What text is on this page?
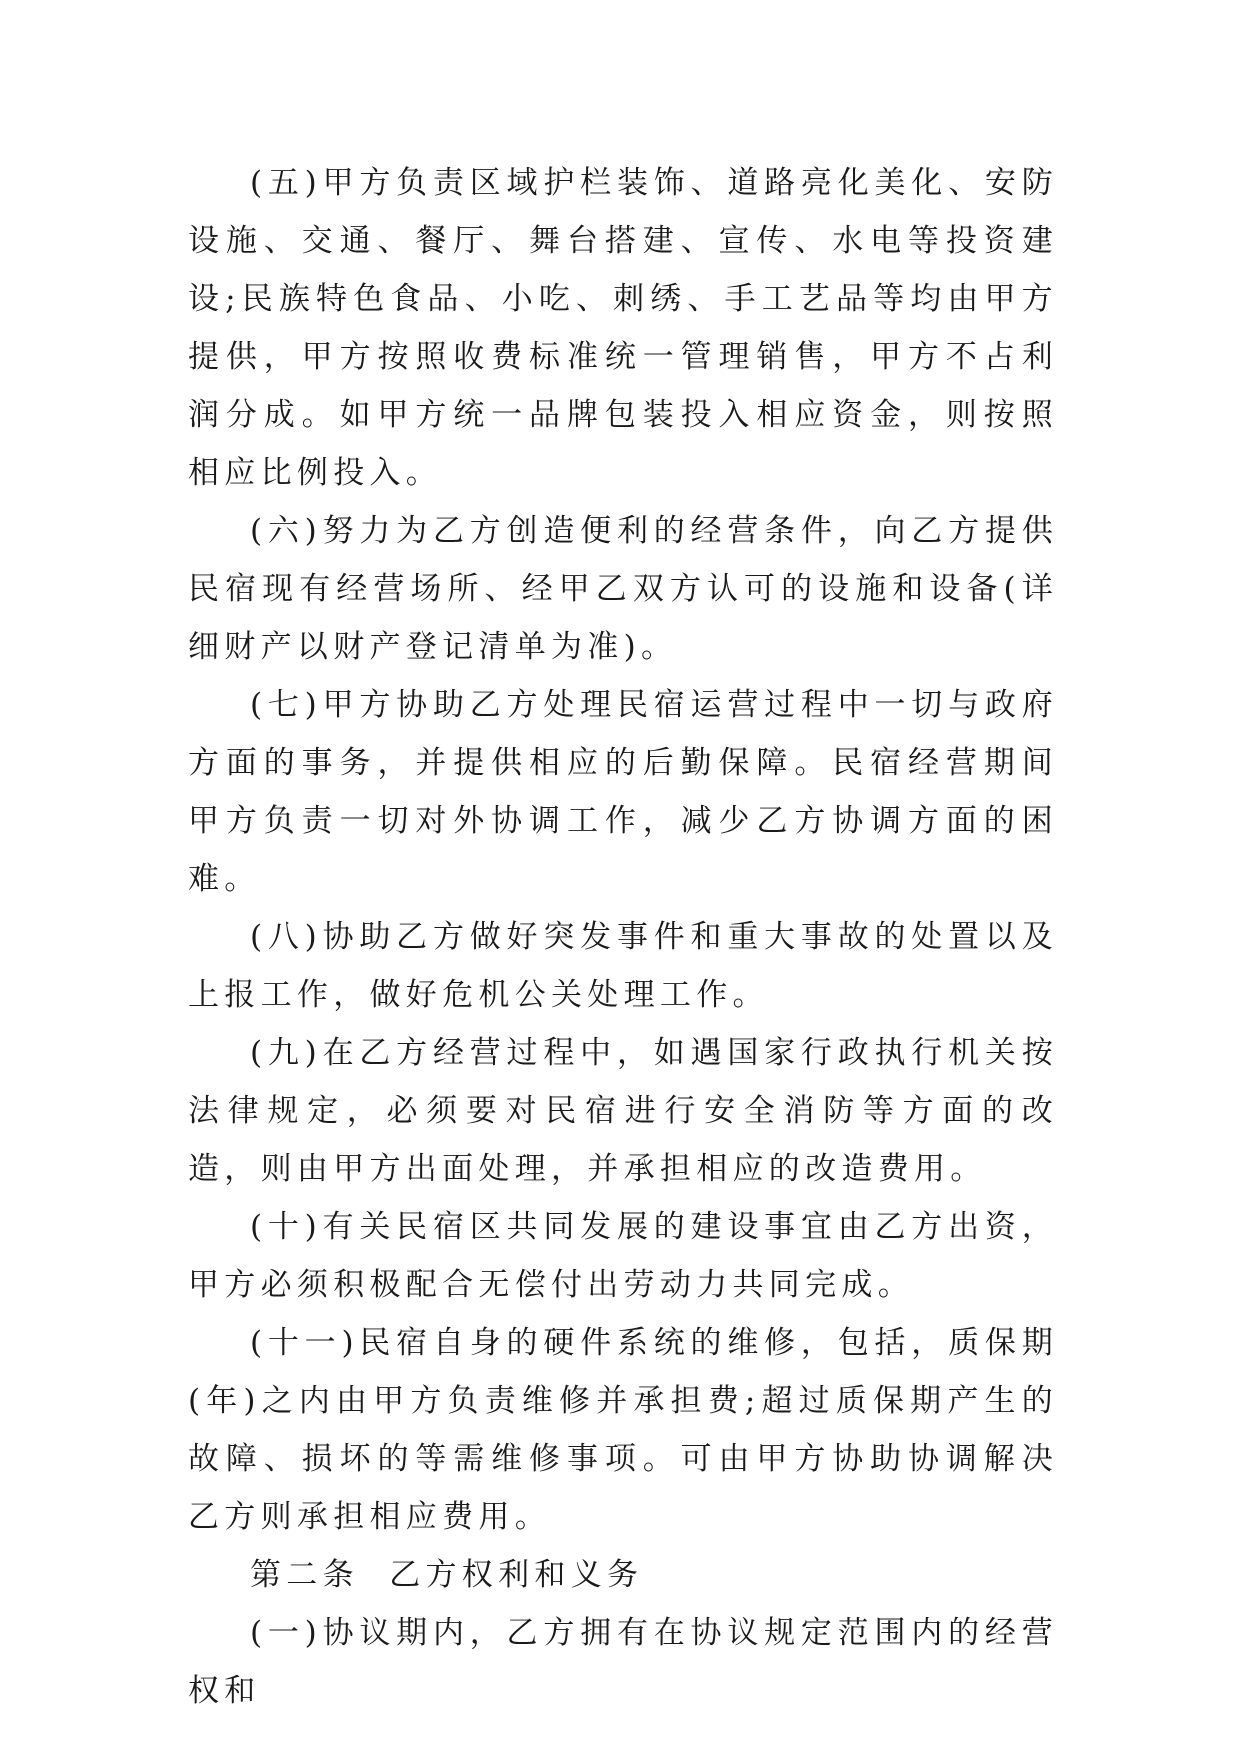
(五)甲方负责区域护栏装饰、道路亮化美化、安防设施、交通、餐厅、舞台搭建、宣传、水电等投资建设;民族特色食品、小吃、刺绣、手工艺品等均由甲方提供，甲方按照收费标准统一管理销售，甲方不占利润分成。如甲方统一品牌包装投入相应资金，则按照相应比例投入。

(六)努力为乙方创造便利的经营条件，向乙方提供民宿现有经营场所、经甲乙双方认可的设施和设备(详细财产以财产登记清单为准)。

(七)甲方协助乙方处理民宿运营过程中一切与政府方面的事务，并提供相应的后勤保障。民宿经营期间甲方负责一切对外协调工作，减少乙方协调方面的困难。

(八)协助乙方做好突发事件和重大事故的处置以及上报工作，做好危机公关处理工作。

(九)在乙方经营过程中，如遇国家行政执行机关按法律规定，必须要对民宿进行安全消防等方面的改造，则由甲方出面处理，并承担相应的改造费用。

(十)有关民宿区共同发展的建设事宜由乙方出资，甲方必须积极配合无偿付出劳动力共同完成。

(十一)民宿自身的硬件系统的维修，包括，质保期(年)之内由甲方负责维修并承担费;超过质保期产生的故障、损坏的等需维修事项。可由甲方协助协调解决乙方则承担相应费用。

第二条  乙方权利和义务

(一)协议期内，乙方拥有在协议规定范围内的经营权和
